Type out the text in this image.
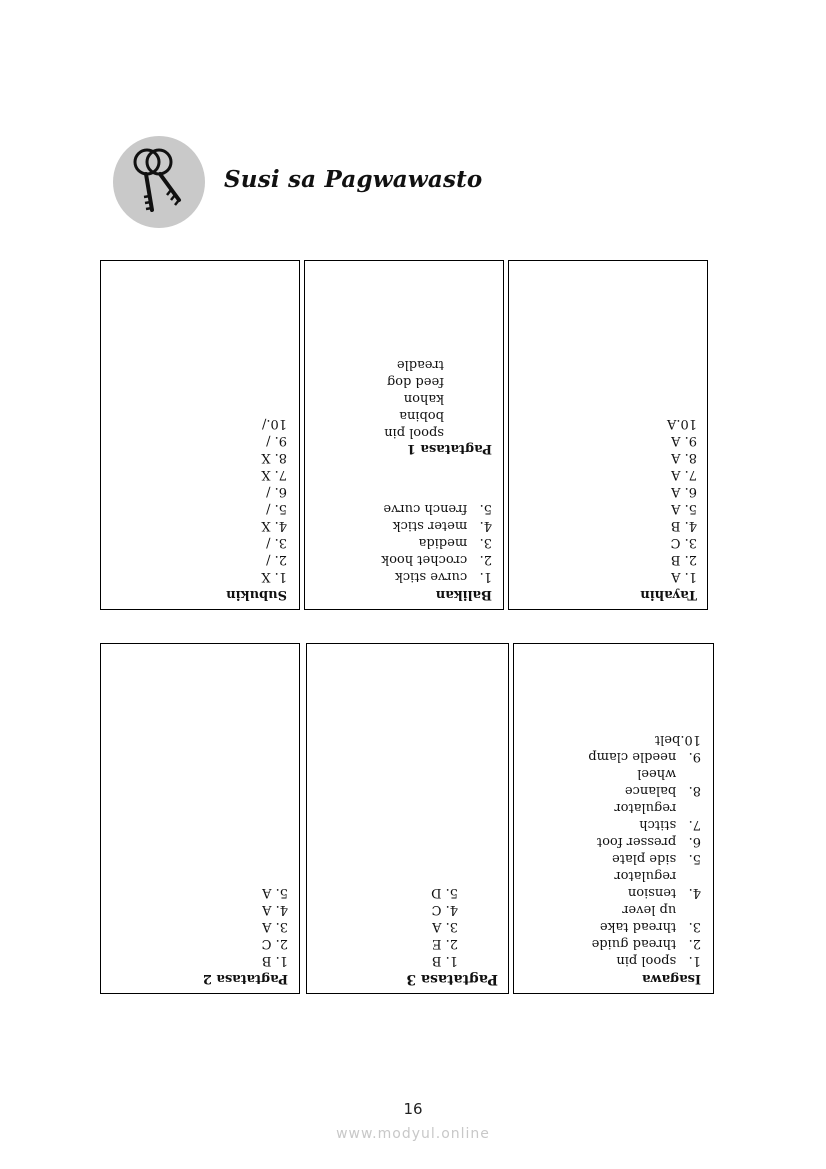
Susi sa Pagwawasto
Subukin
1. X
2. /
3. /
4. X
5. /
6. /
7. X
8. X
9. /
10./
Balikan
1.   curve stick
2.   crochet hook
3.   medida
4.   meter stick
5.   french curve
Pagtatasa 1
spool pin
bobina
kahon
feed dog
treadle
Tayahin
1. A
2. B
3. C
4. B
5. A
6. A
7. A
8. A
9. A
10.A
Pagtatasa 2
1. B
2. C
3. A
4. A
5. A
Pagtatasa 3
1. B
2. E
3. A
4. C
5. D
Isagawa
1.   spool pin
2.   thread guide
3.   thread take
up lever
4.   tension
regulator
5.   side plate
6.   presser foot
7.   stitch
regulator
8.   balance
wheel
9.   needle clamp
10.belt
16
www.modyul.online
